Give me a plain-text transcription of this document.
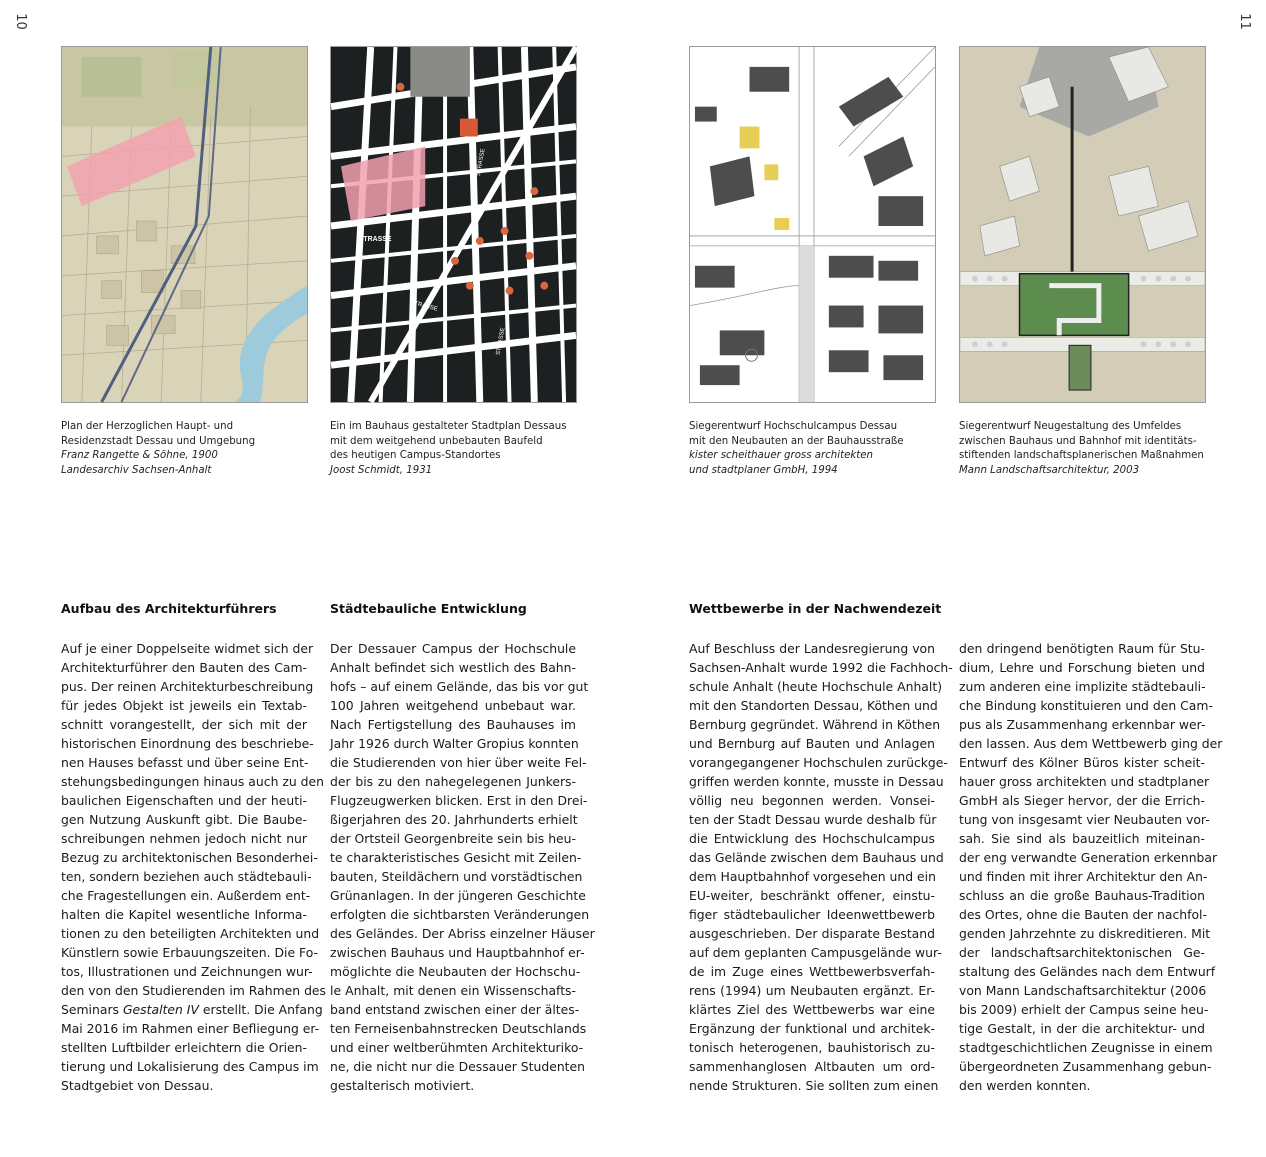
10	11
STRASSE
STRASSE
STRASSE
STRASSE
Plan der Herzoglichen Haupt- und
Residenzstadt Dessau und Umgebung
Franz Rangette & Söhne, 1900
Landesarchiv Sachsen-Anhalt
Ein im Bauhaus gestalteter Stadtplan Dessaus
mit dem weitgehend unbebauten Baufeld
des heutigen Campus-Standortes
Joost Schmidt, 1931
Siegerentwurf Hochschulcampus Dessau
mit den Neubauten an der Bauhausstraße
kister scheithauer gross architekten
und stadtplaner GmbH, 1994
Siegerentwurf Neugestaltung des Umfeldes
zwischen Bauhaus und Bahnhof mit identitäts-
stiftenden landschaftsplanerischen Maßnahmen
Mann Landschaftsarchitektur, 2003
Aufbau des Architekturführers	Städtebauliche Entwicklung	Wettbewerbe in der Nachwendezeit
Auf je einer Doppelseite widmet sich der
Architekturführer den Bauten des Cam-
pus. Der reinen Architekturbeschreibung
für jedes Objekt ist jeweils ein Textab-
schnitt vorangestellt, der sich mit der
historischen Einordnung des beschriebe-
nen Hauses befasst und über seine Ent-
stehungsbedingungen hinaus auch zu den
baulichen Eigenschaften und der heuti-
gen Nutzung Auskunft gibt. Die Baube-
schreibungen nehmen jedoch nicht nur
Bezug zu architektonischen Besonderhei-
ten, sondern beziehen auch städtebauli-
che Fragestellungen ein. Außerdem ent-
halten die Kapitel wesentliche Informa-
tionen zu den beteiligten Architekten und
Künstlern sowie Erbauungszeiten. Die Fo-
tos, Illustrationen und Zeichnungen wur-
den von den Studierenden im Rahmen des
Seminars Gestalten IV erstellt. Die Anfang
Mai 2016 im Rahmen einer Befliegung er-
stellten Luftbilder erleichtern die Orien-
tierung und Lokalisierung des Campus im
Stadtgebiet von Dessau.
Der Dessauer Campus der Hochschule
Anhalt befindet sich westlich des Bahn-
hofs – auf einem Gelände, das bis vor gut
100 Jahren weitgehend unbebaut war.
Nach Fertigstellung des Bauhauses im
Jahr 1926 durch Walter Gropius konnten
die Studierenden von hier über weite Fel-
der bis zu den nahegelegenen Junkers-
Flugzeugwerken blicken. Erst in den Drei-
ßigerjahren des 20. Jahrhunderts erhielt
der Ortsteil Georgenbreite sein bis heu-
te charakteristisches Gesicht mit Zeilen-
bauten, Steildächern und vorstädtischen
Grünanlagen. In der jüngeren Geschichte
erfolgten die sichtbarsten Veränderungen
des Geländes. Der Abriss einzelner Häuser
zwischen Bauhaus und Hauptbahnhof er-
möglichte die Neubauten der Hochschu-
le Anhalt, mit denen ein Wissenschafts-
band entstand zwischen einer der ältes-
ten Ferneisenbahnstrecken Deutschlands
und einer weltberühmten Architekturiko-
ne, die nicht nur die Dessauer Studenten
gestalterisch motiviert.
Auf Beschluss der Landesregierung von
Sachsen-Anhalt wurde 1992 die Fachhoch-
schule Anhalt (heute Hochschule Anhalt)
mit den Standorten Dessau, Köthen und
Bernburg gegründet. Während in Köthen
und Bernburg auf Bauten und Anlagen
vorangegangener Hochschulen zurückge-
griffen werden konnte, musste in Dessau
völlig neu begonnen werden. Vonsei-
ten der Stadt Dessau wurde deshalb für
die Entwicklung des Hochschulcampus
das Gelände zwischen dem Bauhaus und
dem Hauptbahnhof vorgesehen und ein
EU-weiter, beschränkt offener, einstu-
figer städtebaulicher Ideenwettbewerb
ausgeschrieben. Der disparate Bestand
auf dem geplanten Campusgelände wur-
de im Zuge eines Wettbewerbsverfah-
rens (1994) um Neubauten ergänzt. Er-
klärtes Ziel des Wettbewerbs war eine
Ergänzung der funktional und architek-
tonisch heterogenen, bauhistorisch zu-
sammenhanglosen Altbauten um ord-
nende Strukturen. Sie sollten zum einen
den dringend benötigten Raum für Stu-
dium, Lehre und Forschung bieten und
zum anderen eine implizite städtebauli-
che Bindung konstituieren und den Cam-
pus als Zusammenhang erkennbar wer-
den lassen. Aus dem Wettbewerb ging der
Entwurf des Kölner Büros kister scheit-
hauer gross architekten und stadtplaner
GmbH als Sieger hervor, der die Errich-
tung von insgesamt vier Neubauten vor-
sah. Sie sind als bauzeitlich miteinan-
der eng verwandte Generation erkennbar
und finden mit ihrer Architektur den An-
schluss an die große Bauhaus-Tradition
des Ortes, ohne die Bauten der nachfol-
genden Jahrzehnte zu diskreditieren. Mit
der landschaftsarchitektonischen Ge-
staltung des Geländes nach dem Entwurf
von Mann Landschaftsarchitektur (2006
bis 2009) erhielt der Campus seine heu-
tige Gestalt, in der die architektur- und
stadtgeschichtlichen Zeugnisse in einem
übergeordneten Zusammenhang gebun-
den werden konnten.
